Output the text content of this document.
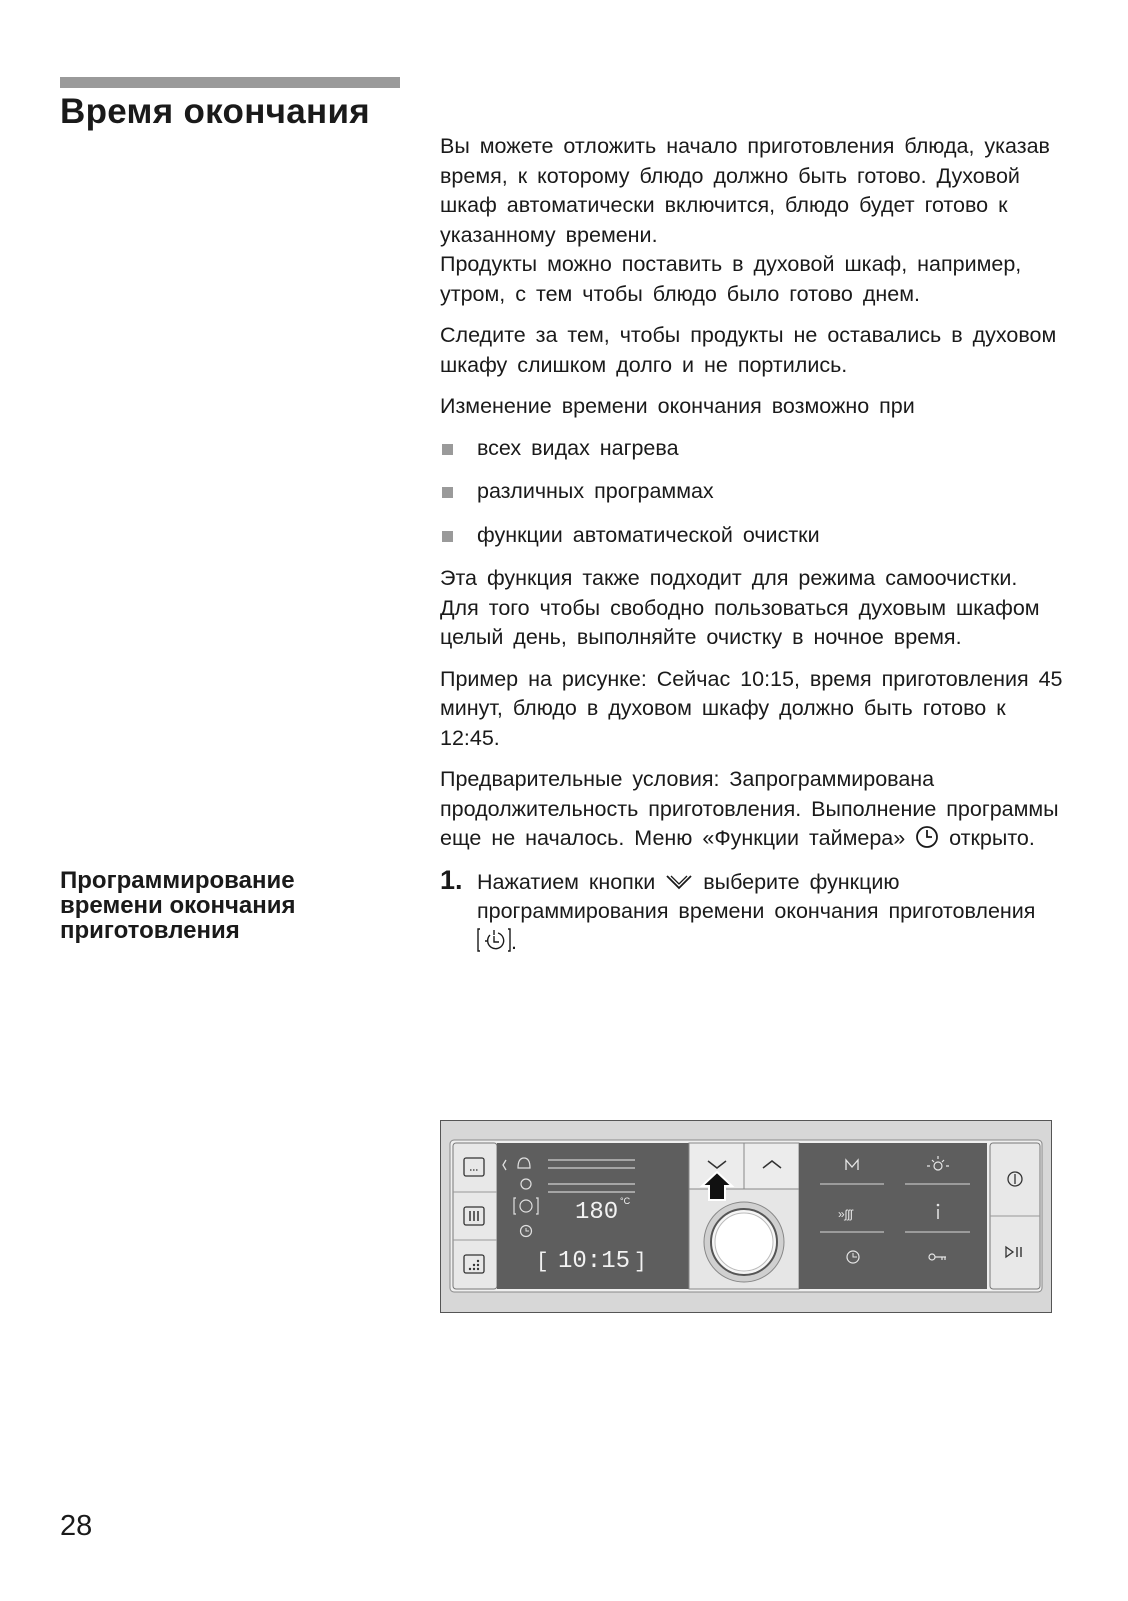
Время окончания
Программирование
времени окончания
приготовления

Вы можете отложить начало приготовления блюда, указав время, к которому блюдо должно быть готово. Духовой шкаф автоматически включится, блюдо будет готово к указанному времени.

Продукты можно поставить в духовой шкаф, например, утром, с тем чтобы блюдо было готово днем.

Следите за тем, чтобы продукты не оставались в духовом шкафу слишком долго и не портились.

Изменение времени окончания возможно при

всех видах нагрева
различных программах
функции автоматической очистки

Эта функция также подходит для режима самоочистки. Для того чтобы свободно пользоваться духовым шкафом целый день, выполняйте очистку в ночное время.

Пример на рисунке: Сейчас 10:15, время приготовления 45 минут, блюдо в духовом шкафу должно быть готово к 12:45.

Предварительные условия: Запрограммирована продолжительность приготовления. Выполнение программы еще не началось. Меню «Функции таймера» открыто.

1. Нажатием кнопки выберите функцию программирования времени окончания приготовления .
180 °C
[ 10:15 ]
»ʃʃʃ
28
